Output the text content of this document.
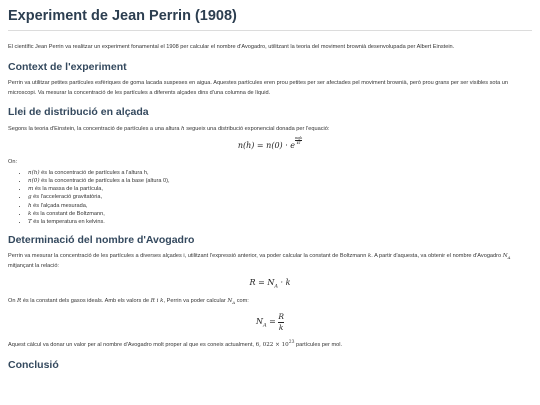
Experiment de Jean Perrin (1908)

El científic Jean Perrin va realitzar un experiment fonamental el 1908 per calcular el nombre d'Avogadro, utilitzant la teoria del moviment brownià desenvolupada per Albert Einstein.

Context de l'experiment

Perrin va utilitzar petites partícules esfèriques de goma lacada suspeses en aigua. Aquestes partícules eren prou petites per ser afectades pel moviment brownià, però prou grans per ser visibles sota un microscopi. Va mesurar la concentració de les partícules a diferents alçades dins d'una columna de líquid.

Llei de distribució en alçada

Segons la teoria d'Einstein, la concentració de partícules a una altura h segueix una distribució exponencial donada per l'equació:

n(h) = n(0) · emgh
kT

On:

• n(h) és la concentració de partícules a l'altura h,
• n(0) és la concentració de partícules a la base (altura 0),
• m és la massa de la partícula,
• g és l'acceleració gravitatòria,
• h és l'alçada mesurada,
• k és la constant de Boltzmann,
• T és la temperatura en kelvins.
Determinació del nombre d'Avogadro

Perrin va mesurar la concentració de les partícules a diverses alçades i, utilitzant l'expressió anterior, va poder calcular la constant de Boltzmann k. A partir d'aquesta, va obtenir el nombre d'Avogadro $N_A$ mitjançant la relació:

$R = N_A \cdot k$

On R és la constant dels gasos ideals. Amb els valors de R i k, Perrin va poder calcular $N_A$ com:

$N_A = \frac{R}{k}$

Aquest càlcul va donar un valor per al nombre d'Avogadro molt proper al que es coneix actualment, 6, $022 \times 10^{23}$ partícules per mol.

Conclusió
